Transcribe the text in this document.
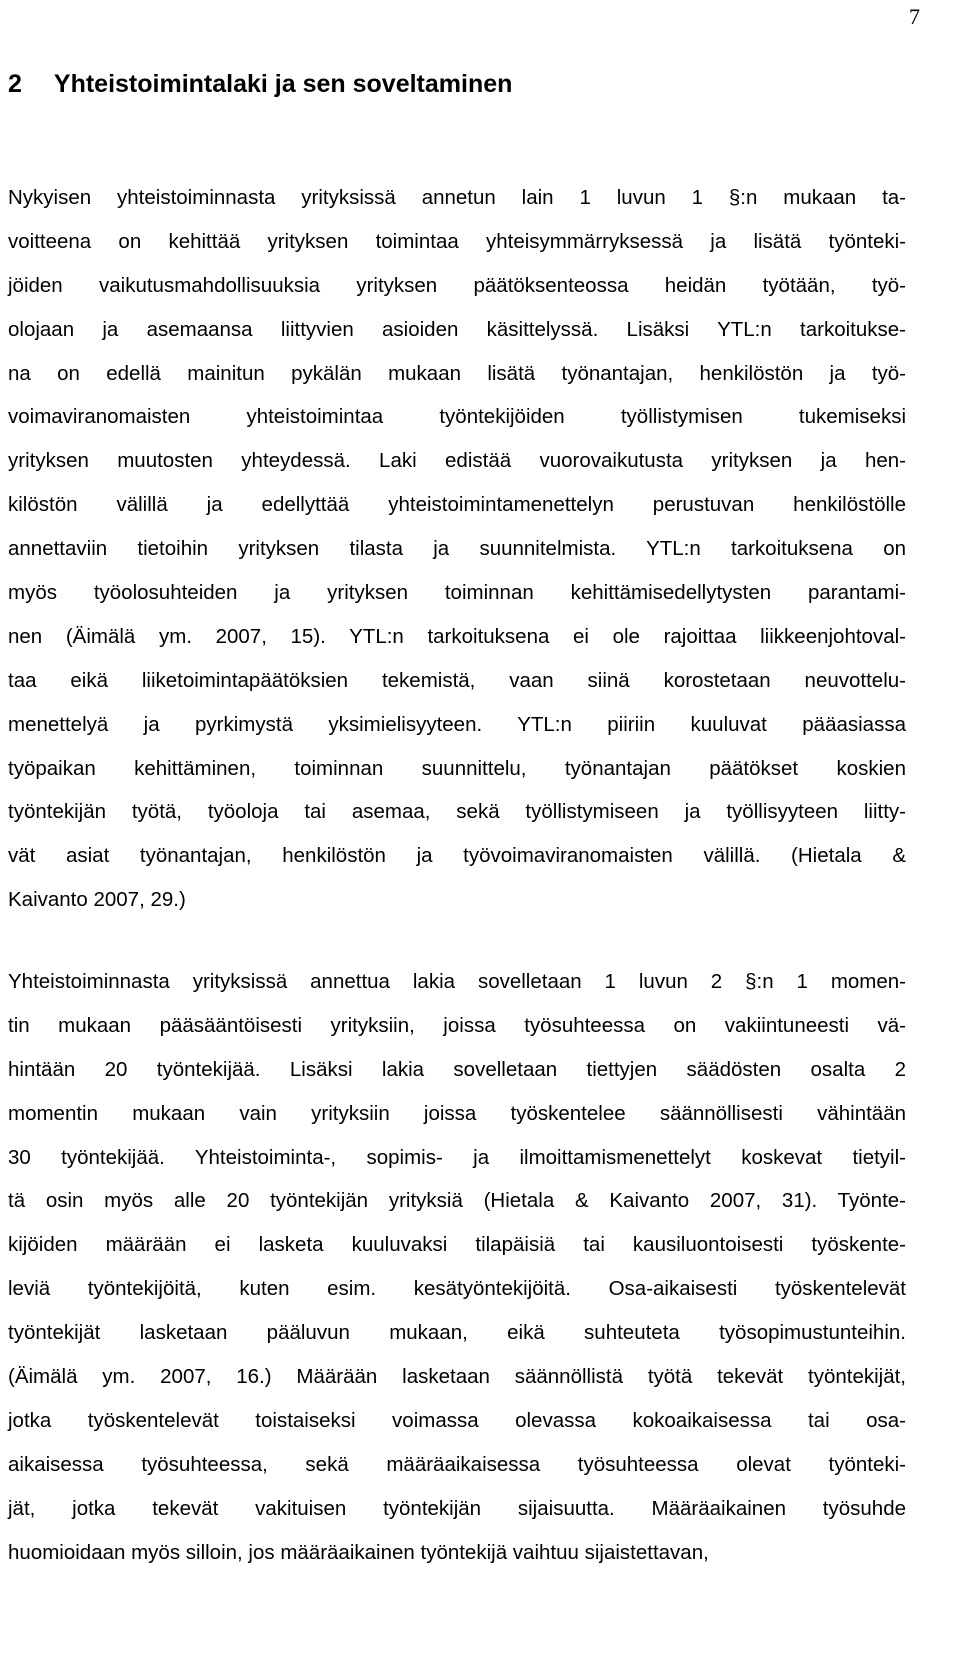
7
2 Yhteistoimintalaki ja sen soveltaminen
Nykyisen yhteistoiminnasta yrityksissä annetun lain 1 luvun 1 §:n mukaan ta-
voitteena on kehittää yrityksen toimintaa yhteisymmärryksessä ja lisätä työnteki-
jöiden vaikutusmahdollisuuksia yrityksen päätöksenteossa heidän työtään, työ-
olojaan ja asemaansa liittyvien asioiden käsittelyssä. Lisäksi YTL:n tarkoitukse-
na on edellä mainitun pykälän mukaan lisätä työnantajan, henkilöstön ja työ-
voimaviranomaisten yhteistoimintaa työntekijöiden työllistymisen tukemiseksi
yrityksen muutosten yhteydessä. Laki edistää vuorovaikutusta yrityksen ja hen-
kilöstön välillä ja edellyttää yhteistoimintamenettelyn perustuvan henkilöstölle
annettaviin tietoihin yrityksen tilasta ja suunnitelmista. YTL:n tarkoituksena on
myös työolosuhteiden ja yrityksen toiminnan kehittämisedellytysten parantami-
nen (Äimälä ym. 2007, 15). YTL:n tarkoituksena ei ole rajoittaa liikkeenjohtoval-
taa eikä liiketoimintapäätöksien tekemistä, vaan siinä korostetaan neuvottelu-
menettelyä ja pyrkimystä yksimielisyyteen. YTL:n piiriin kuuluvat pääasiassa
työpaikan kehittäminen, toiminnan suunnittelu, työnantajan päätökset koskien
työntekijän työtä, työoloja tai asemaa, sekä työllistymiseen ja työllisyyteen liitty-
vät asiat työnantajan, henkilöstön ja työvoimaviranomaisten välillä. (Hietala &
Kaivanto 2007, 29.)
Yhteistoiminnasta yrityksissä annettua lakia sovelletaan 1 luvun 2 §:n 1 momen-
tin mukaan pääsääntöisesti yrityksiin, joissa työsuhteessa on vakiintuneesti vä-
hintään 20 työntekijää. Lisäksi lakia sovelletaan tiettyjen säädösten osalta 2
momentin mukaan vain yrityksiin joissa työskentelee säännöllisesti vähintään
30 työntekijää. Yhteistoiminta-, sopimis- ja ilmoittamismenettelyt koskevat tietyil-
tä osin myös alle 20 työntekijän yrityksiä (Hietala & Kaivanto 2007, 31). Työnte-
kijöiden määrään ei lasketa kuuluvaksi tilapäisiä tai kausiluontoisesti työskente-
leviä työntekijöitä, kuten esim. kesätyöntekijöitä. Osa-aikaisesti työskentelevät
työntekijät lasketaan pääluvun mukaan, eikä suhteuteta työsopimustunteihin.
(Äimälä ym. 2007, 16.) Määrään lasketaan säännöllistä työtä tekevät työntekijät,
jotka työskentelevät toistaiseksi voimassa olevassa kokoaikaisessa tai osa-
aikaisessa työsuhteessa, sekä määräaikaisessa työsuhteessa olevat työnteki-
jät, jotka tekevät vakituisen työntekijän sijaisuutta. Määräaikainen työsuhde
huomioidaan myös silloin, jos määräaikainen työntekijä vaihtuu sijaistettavan,
